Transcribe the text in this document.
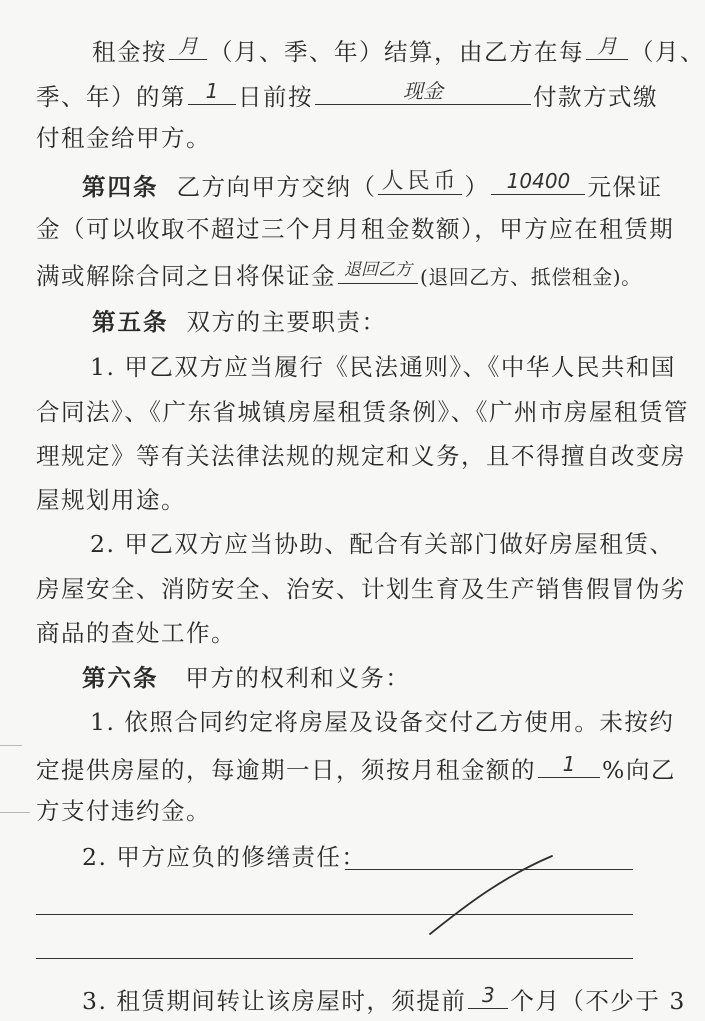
租金按 月 （月、季、年）结算，由乙方在每 月 （月、
季、年）的第 1 日前按	现金	付款方式缴
付租金给甲方。
第四条 乙方向甲方交纳（ 人民币 ） 10400 元保证
金（可以收取不超过三个月月租金数额），甲方应在租赁期
满或解除合同之日将保证金 退回乙方 (退回乙方、抵偿租金)。
第五条 双方的主要职责：
1. 甲乙双方应当履行《民法通则》、《中华人民共和国
合同法》、《广东省城镇房屋租赁条例》、《广州市房屋租赁管
理规定》等有关法律法规的规定和义务，且不得擅自改变房
屋规划用途。
2. 甲乙双方应当协助、配合有关部门做好房屋租赁、
房屋安全、消防安全、治安、计划生育及生产销售假冒伪劣
商品的查处工作。
第六条 甲方的权利和义务：
1. 依照合同约定将房屋及设备交付乙方使用。未按约
定提供房屋的，每逾期一日，须按月租金额的	1	%向乙
方支付违约金。
2. 甲方应负的修缮责任：
3. 租赁期间转让该房屋时，须提前 3 个月（不少于 3
